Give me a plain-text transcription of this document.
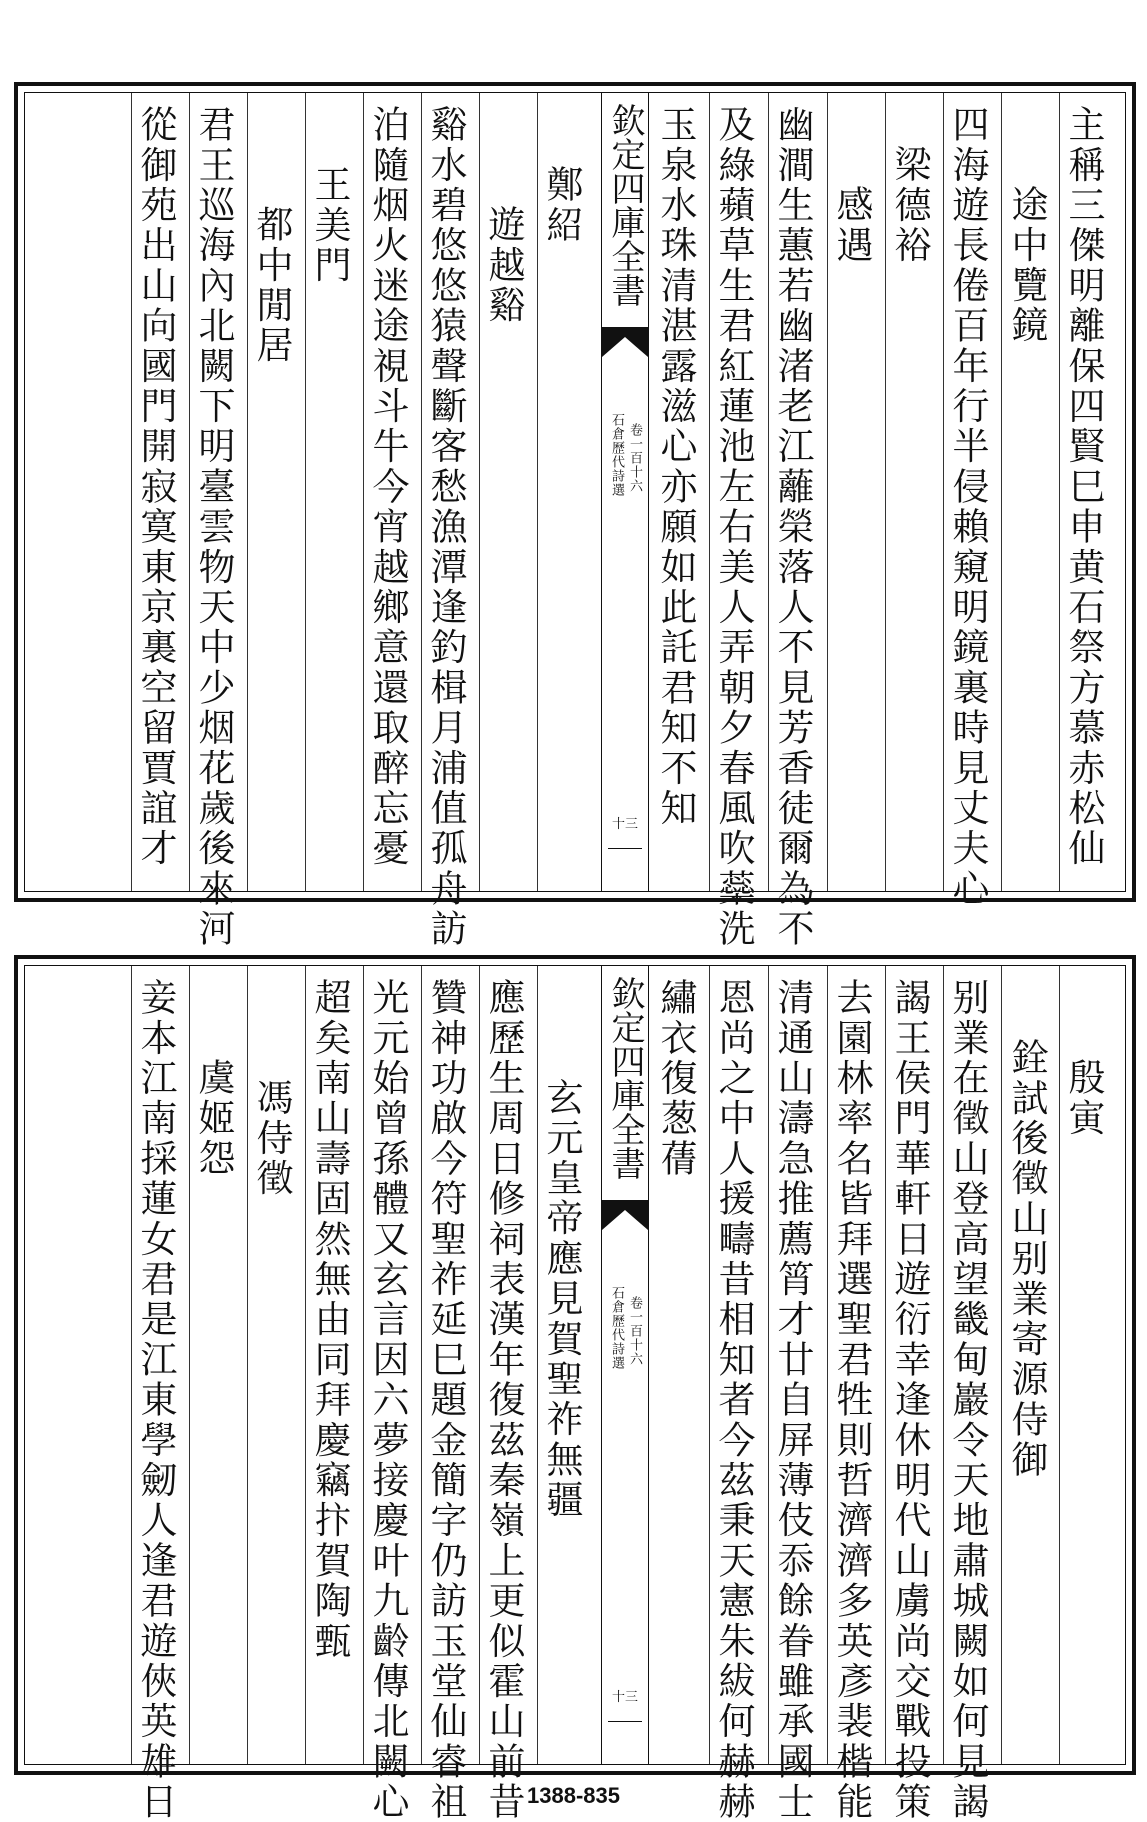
主稱三傑明離保四賢巳申黄石祭方慕赤松仙
途中覽鏡
四海遊長倦百年行半侵賴窺明鏡裏時見丈夫心
梁德裕
感遇
幽澗生蕙若幽渚老江蘺榮落人不見芳香徒爾為不
及綠蘋草生君紅蓮池左右美人弄朝夕春風吹蘂洗
玉泉水珠清湛露滋心亦願如此託君知不知
欽定四庫全書
石倉歷代詩選 卷一百十六
十三
鄭紹
遊越谿
谿水碧悠悠猿聲斷客愁漁潭逢釣楫月浦值孤舟訪
泊隨烟火迷途視斗牛今宵越鄉意還取醉忘憂
王美門
都中閒居
君王巡海內北闕下明臺雲物天中少烟花歲後來河
從御苑出山向國門開寂寞東京裏空留賈誼才
殷寅
銓試後徵山别業寄源侍御
别業在徵山登高望畿甸巖令天地肅城闕如何見謁
謁王侯門華軒日遊衍幸逢休明代山虜尚交戰投策
去園林率名皆拜選聖君牲則哲濟濟多英彥裴楷能
清通山濤急推薦筲才廿自屏薄伎忝餘眷雖承國士
恩尚之中人援疇昔相知者今茲秉天憲朱紱何赫赫
繡衣復葱蒨
欽定四庫全書
石倉歷代詩選 卷一百十六
十三
玄元皇帝應見賀聖祚無疆
應歷生周日修祠表漢年復茲秦嶺上更似霍山前昔
贊神功啟今符聖祚延巳題金簡字仍訪玉堂仙睿祖
光元始曾孫體又玄言因六夢接慶叶九齡傳北闕心
超矣南山壽固然無由同拜慶竊抃賀陶甄
馮侍徵
虞姬怨
妾本江南採蓮女君是江東學劒人逢君遊俠英雄日	1388-835
